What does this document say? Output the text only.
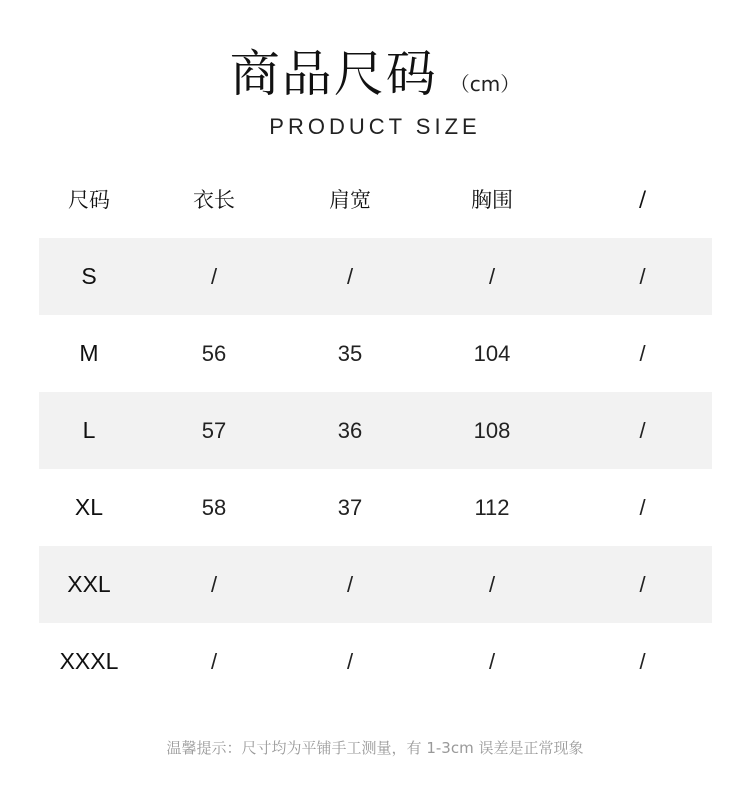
商品尺码 （cm）
PRODUCT SIZE
尺码	衣长	肩宽	胸围	/
S	/	/	/	/
M	56	35	104	/
L	57	36	108	/
XL	58	37	112	/
XXL	/	/	/	/
XXXL	/	/	/	/
温馨提示：尺寸均为平铺手工测量，有 1-3cm 误差是正常现象
